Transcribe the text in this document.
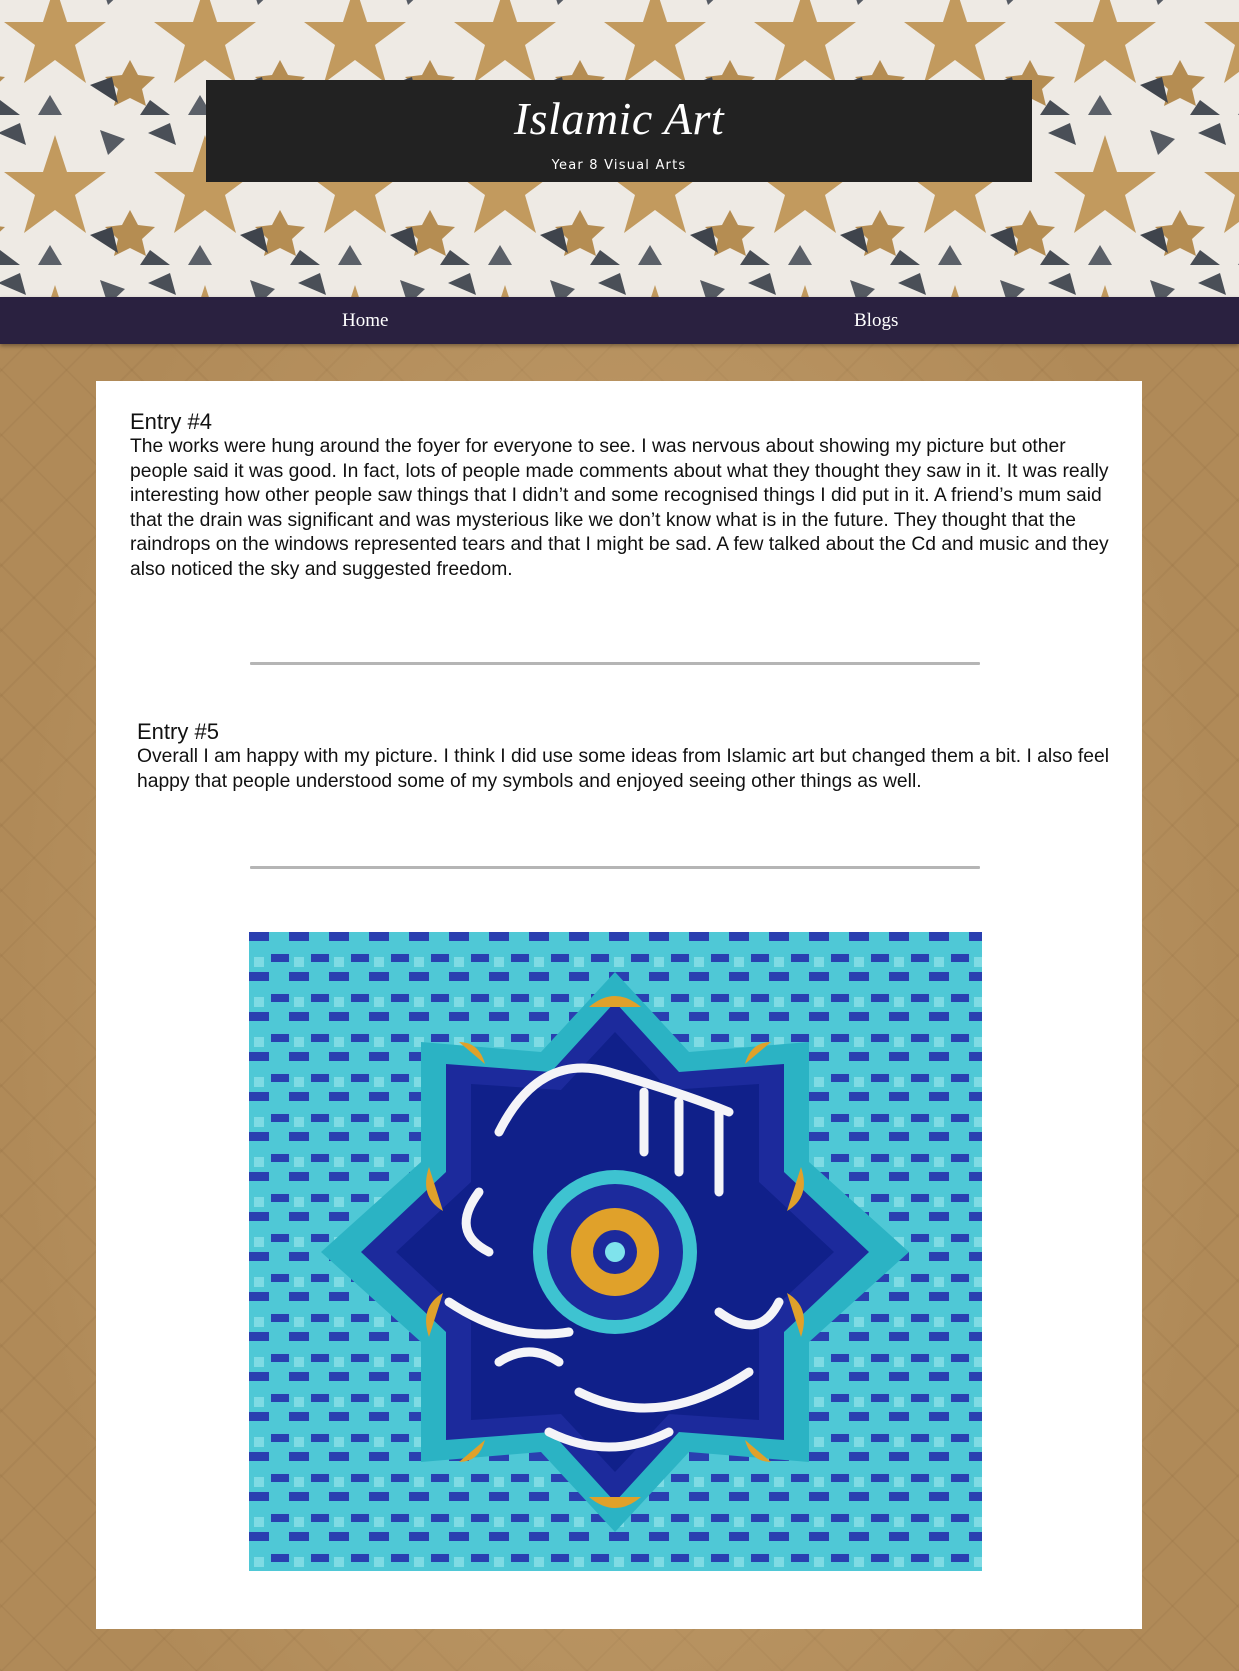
Islamic Art
Year 8 Visual Arts
Home	Blogs
Entry #4

The works were hung around the foyer for everyone to see. I was nervous about showing my picture but other people said it was good. In fact, lots of people made comments about what they thought they saw in it. It was really interesting how other people saw things that I didn’t and some recognised things I did put in it. A friend’s mum said that the drain was significant and was mysterious like we don’t know what is in the future. They thought that the raindrops on the windows represented tears and that I might be sad. A few talked about the Cd and music and they also noticed the sky and suggested freedom.

Entry #5

Overall I am happy with my picture. I think I did use some ideas from Islamic art but changed them a bit. I also feel happy that people understood some of my symbols and enjoyed seeing other things as well.
